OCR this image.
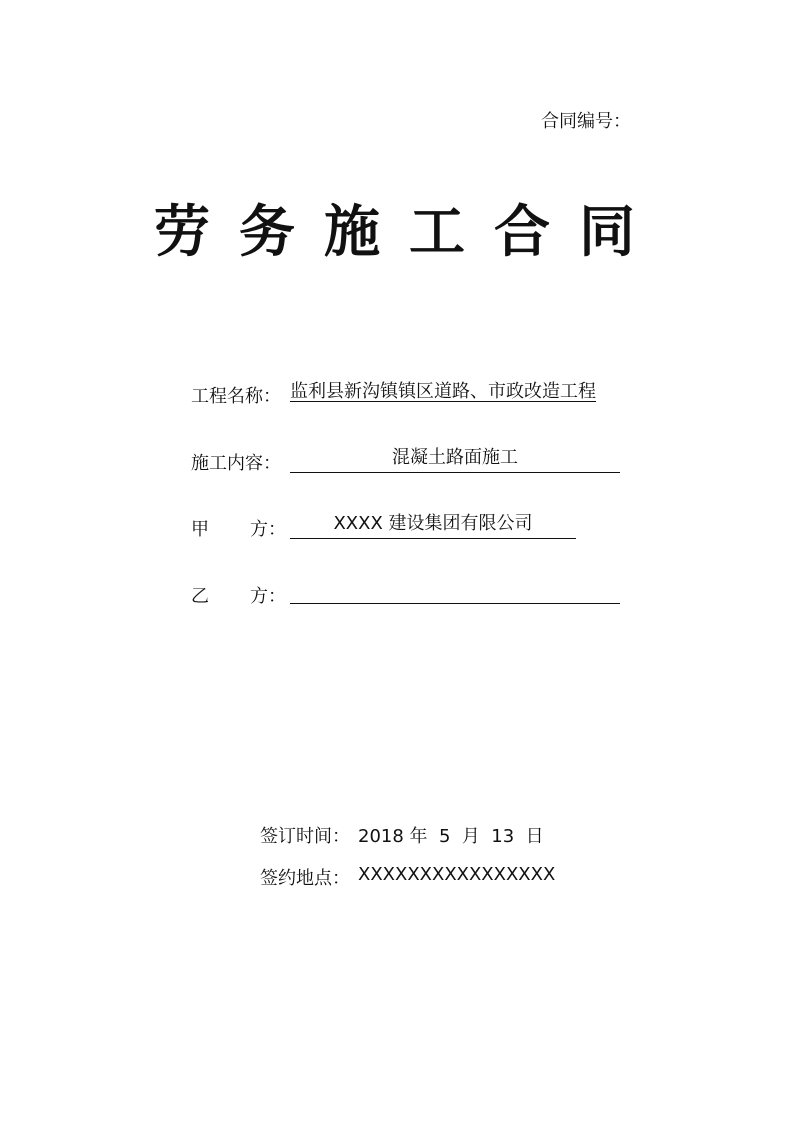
合同编号：
劳务施工合同
工程名称： 监利县新沟镇镇区道路、市政改造工程
施工内容：	混凝土路面施工
甲 方：	XXXX 建设集团有限公司
乙 方：
签订时间： 2018 年  5  月  13  日
签约地点： XXXXXXXXXXXXXXXX
